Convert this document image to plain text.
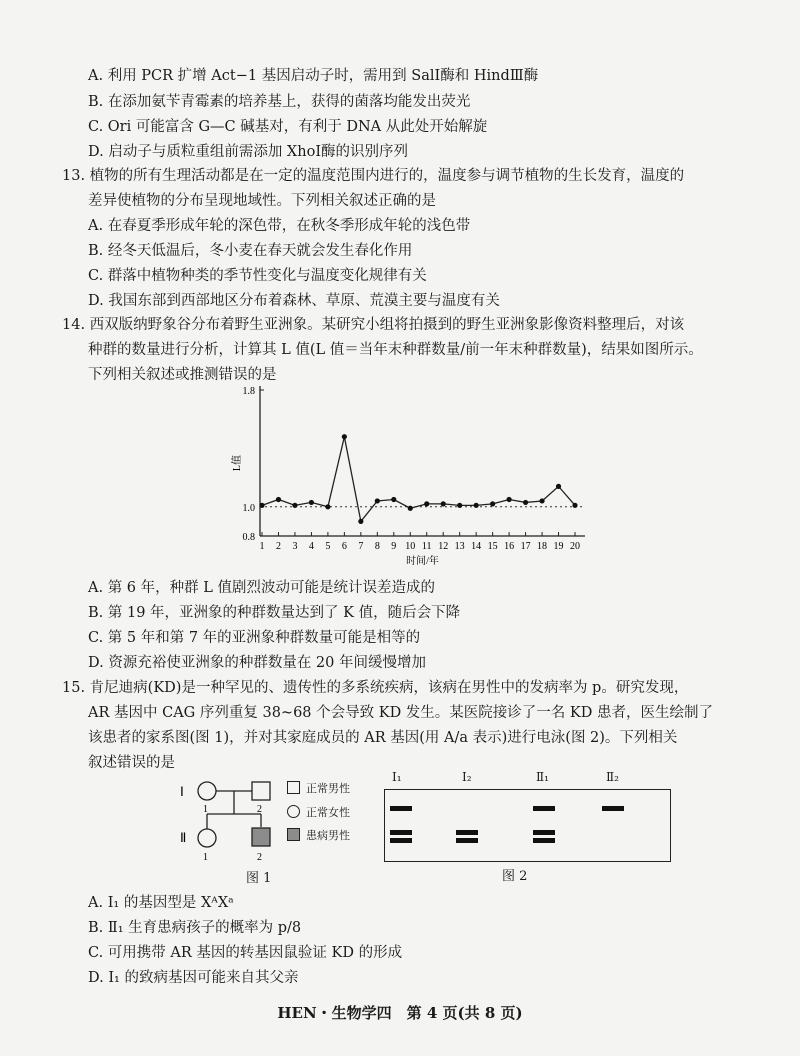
A. 利用 PCR 扩增 Act−1 基因启动子时，需用到 SalⅠ酶和 HindⅢ酶
B. 在添加氨苄青霉素的培养基上，获得的菌落均能发出荧光
C. Ori 可能富含 G—C 碱基对，有利于 DNA 从此处开始解旋
D. 启动子与质粒重组前需添加 XhoⅠ酶的识别序列
13. 植物的所有生理活动都是在一定的温度范围内进行的，温度参与调节植物的生长发育，温度的
差异使植物的分布呈现地域性。下列相关叙述正确的是
A. 在春夏季形成年轮的深色带，在秋冬季形成年轮的浅色带
B. 经冬天低温后，冬小麦在春天就会发生春化作用
C. 群落中植物种类的季节性变化与温度变化规律有关
D. 我国东部到西部地区分布着森林、草原、荒漠主要与温度有关
14. 西双版纳野象谷分布着野生亚洲象。某研究小组将拍摄到的野生亚洲象影像资料整理后，对该
种群的数量进行分析，计算其 L 值(L 值＝当年末种群数量/前一年末种群数量)，结果如图所示。
下列相关叙述或推测错误的是
0.8
1.0
1.8
1 2 3 4 5 6 7 8 9 10 11 12 13 14 15 16 17 18 19 20
L值
时间/年
A. 第 6 年，种群 L 值剧烈波动可能是统计误差造成的
B. 第 19 年，亚洲象的种群数量达到了 K 值，随后会下降
C. 第 5 年和第 7 年的亚洲象种群数量可能是相等的
D. 资源充裕使亚洲象的种群数量在 20 年间缓慢增加
15. 肯尼迪病(KD)是一种罕见的、遗传性的多系统疾病，该病在男性中的发病率为 p。研究发现，
AR 基因中 CAG 序列重复 38~68 个会导致 KD 发生。某医院接诊了一名 KD 患者，医生绘制了
该患者的家系图(图 1)，并对其家庭成员的 AR 基因(用 A/a 表示)进行电泳(图 2)。下列相关
叙述错误的是
Ⅰ
1	2
Ⅱ
1	2
正常男性
正常女性
患病男性
图 1
Ⅰ₁	Ⅰ₂	Ⅱ₁	Ⅱ₂
图 2
A. Ⅰ₁ 的基因型是 XᴬXᵃ
B. Ⅱ₁ 生育患病孩子的概率为 p/8
C. 可用携带 AR 基因的转基因鼠验证 KD 的形成
D. Ⅰ₁ 的致病基因可能来自其父亲
HEN・生物学四　第 4 页(共 8 页)
